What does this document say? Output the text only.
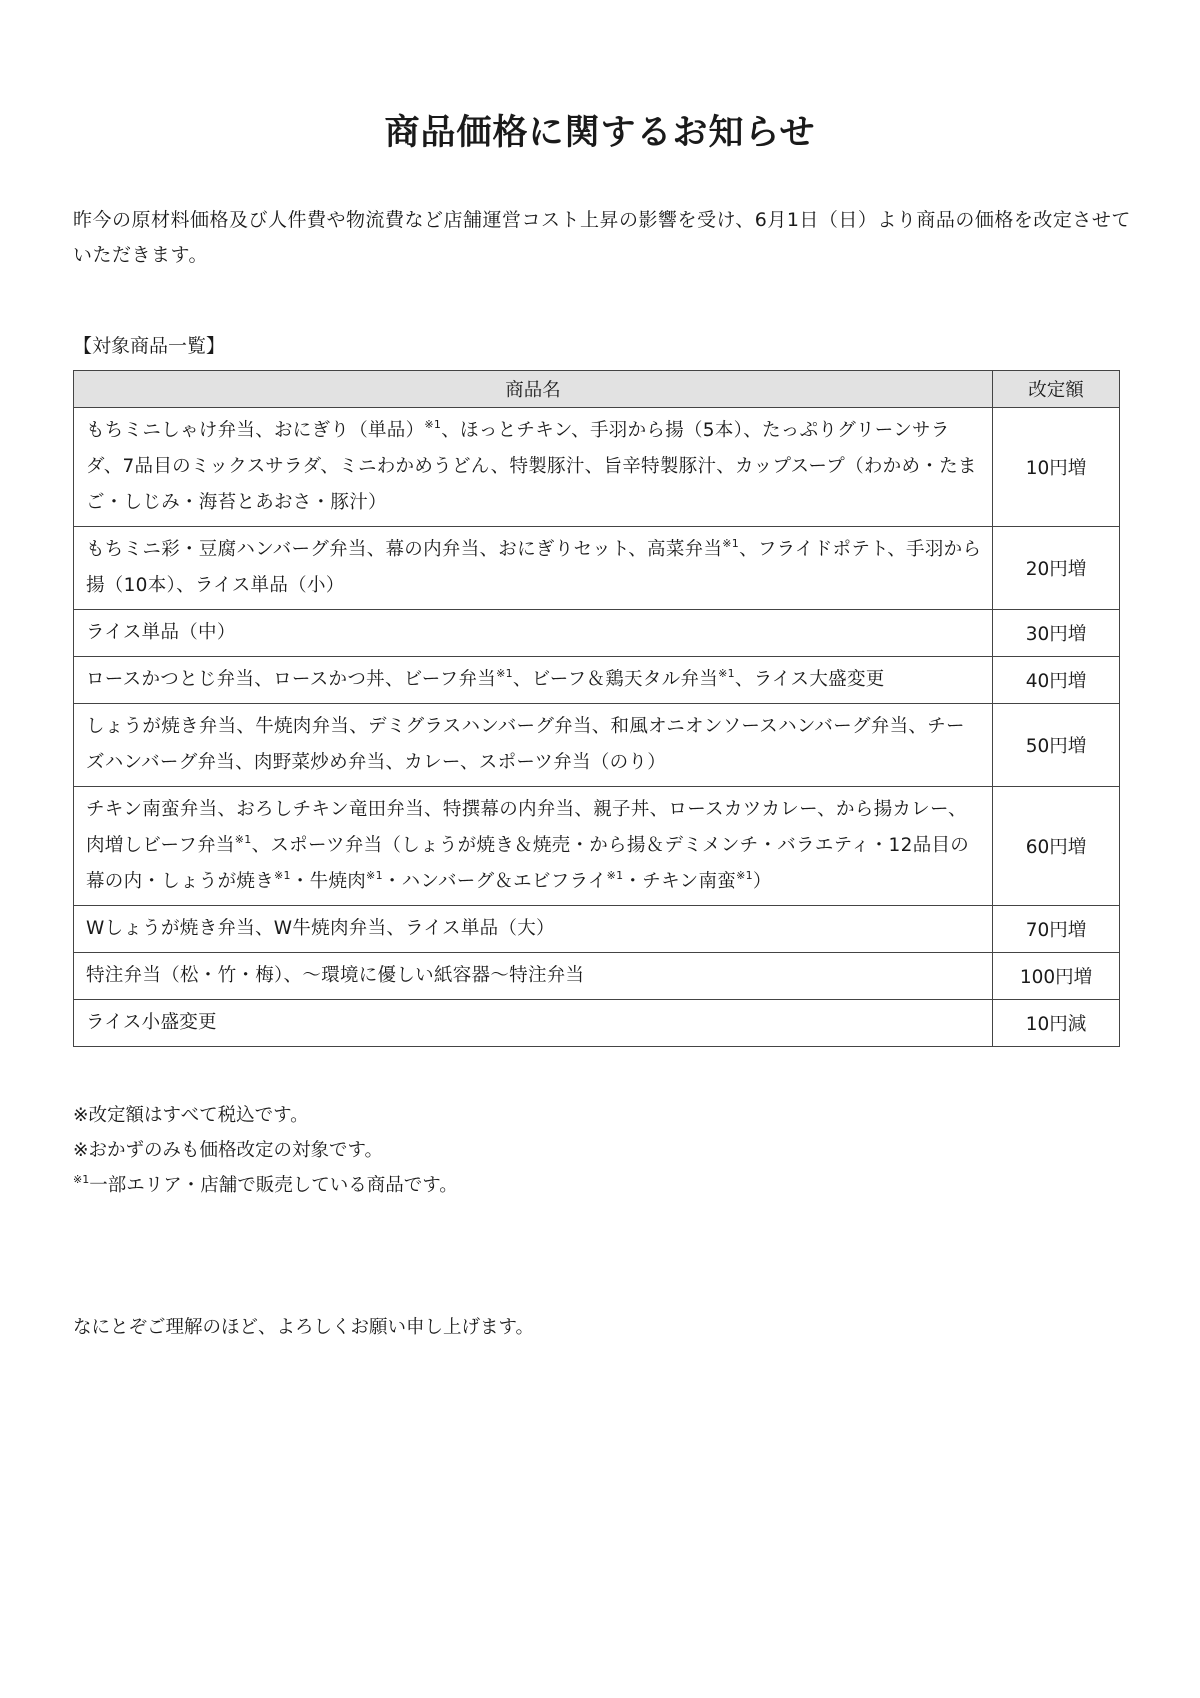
商品価格に関するお知らせ

昨今の原材料価格及び人件費や物流費など店舗運営コスト上昇の影響を受け、6月1日（日）より商品の価格を改定させていただきます。

【対象商品一覧】
商品名	改定額
もちミニしゃけ弁当、おにぎり（単品）$^{※1}$、ほっとチキン、手羽から揚（5本）、たっぷりグリーンサラダ、7品目のミックスサラダ、ミニわかめうどん、特製豚汁、旨辛特製豚汁、カップスープ（わかめ・たまご・しじみ・海苔とあおさ・豚汁）	10円増
もちミニ彩・豆腐ハンバーグ弁当、幕の内弁当、おにぎりセット、高菜弁当$^{※1}$、フライドポテト、手羽から揚（10本）、ライス単品（小）	20円増
ライス単品（中）	30円増
ロースかつとじ弁当、ロースかつ丼、ビーフ弁当$^{※1}$、ビーフ＆鶏天タル弁当$^{※1}$、ライス大盛変更	40円増
しょうが焼き弁当、牛焼肉弁当、デミグラスハンバーグ弁当、和風オニオンソースハンバーグ弁当、チーズハンバーグ弁当、肉野菜炒め弁当、カレー、スポーツ弁当（のり）	50円増
チキン南蛮弁当、おろしチキン竜田弁当、特撰幕の内弁当、親子丼、ロースカツカレー、から揚カレー、肉増しビーフ弁当$^{※1}$、スポーツ弁当（しょうが焼き＆焼売・から揚＆デミメンチ・バラエティ・12品目の幕の内・しょうが焼き$^{※1}$・牛焼肉$^{※1}$・ハンバーグ＆エビフライ$^{※1}$・チキン南蛮$^{※1}$）	60円増
Wしょうが焼き弁当、W牛焼肉弁当、ライス単品（大）	70円増
特注弁当（松・竹・梅）、～環境に優しい紙容器～特注弁当	100円増
ライス小盛変更	10円減
※改定額はすべて税込です。
※おかずのみも価格改定の対象です。
$^{※1}$一部エリア・店舗で販売している商品です。
なにとぞご理解のほど、よろしくお願い申し上げます。
